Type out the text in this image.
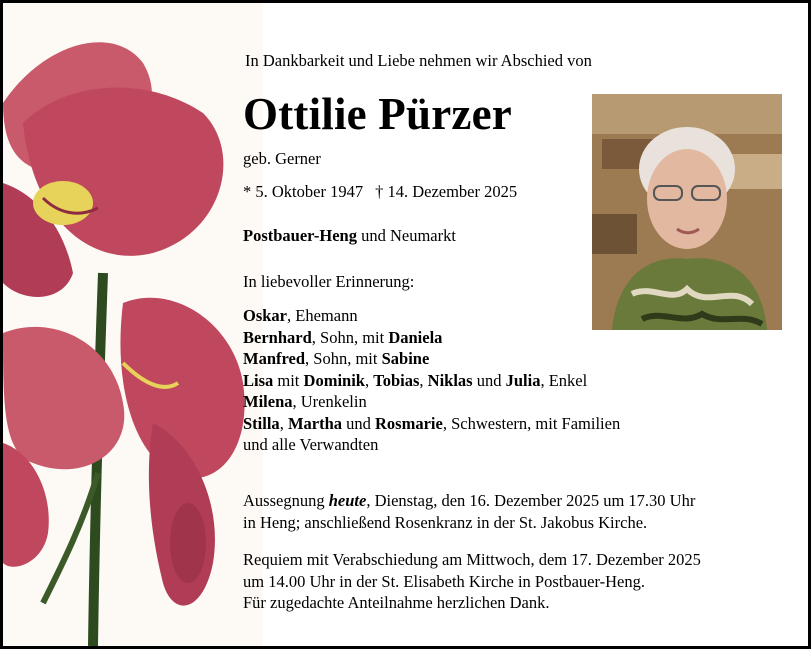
In Dankbarkeit und Liebe nehmen wir Abschied von
Ottilie Pürzer
geb. Gerner
* 5. Oktober 1947 † 14. Dezember 2025
Postbauer-Heng und Neumarkt
In liebevoller Erinnerung:
Oskar, Ehemann
Bernhard, Sohn, mit Daniela
Manfred, Sohn, mit Sabine
Lisa mit Dominik, Tobias, Niklas und Julia, Enkel
Milena, Urenkelin
Stilla, Martha und Rosmarie, Schwestern, mit Familien
und alle Verwandten
Aussegnung heute, Dienstag, den 16. Dezember 2025 um 17.30 Uhr
in Heng; anschließend Rosenkranz in der St. Jakobus Kirche.
Requiem mit Verabschiedung am Mittwoch, dem 17. Dezember 2025
um 14.00 Uhr in der St. Elisabeth Kirche in Postbauer-Heng.
Für zugedachte Anteilnahme herzlichen Dank.
